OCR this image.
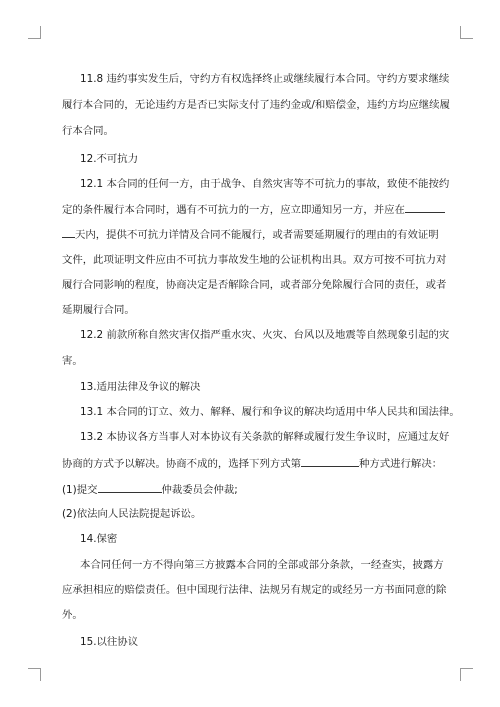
11.8 违约事实发生后，守约方有权选择终止或继续履行本合同。守约方要求继续
履行本合同的，无论违约方是否已实际支付了违约金或/和赔偿金，违约方均应继续履
行本合同。
12.不可抗力
12.1 本合同的任何一方，由于战争、自然灾害等不可抗力的事故，致使不能按约
定的条件履行本合同时，遇有不可抗力的一方，应立即通知另一方，并应在
天内，提供不可抗力详情及合同不能履行，或者需要延期履行的理由的有效证明
文件，此项证明文件应由不可抗力事故发生地的公证机构出具。双方可按不可抗力对
履行合同影响的程度，协商决定是否解除合同，或者部分免除履行合同的责任，或者
延期履行合同。
12.2 前款所称自然灾害仅指严重水灾、火灾、台风以及地震等自然现象引起的灾
害。
13.适用法律及争议的解决
13.1 本合同的订立、效力、解释、履行和争议的解决均适用中华人民共和国法律。
13.2 本协议各方当事人对本协议有关条款的解释或履行发生争议时，应通过友好
协商的方式予以解决。协商不成的，选择下列方式第	种方式进行解决：
(1)提交	仲裁委员会仲裁;
(2)依法向人民法院提起诉讼。
14.保密
本合同任何一方不得向第三方披露本合同的全部或部分条款，一经查实，披露方
应承担相应的赔偿责任。但中国现行法律、法规另有规定的或经另一方书面同意的除
外。
15.以往协议
